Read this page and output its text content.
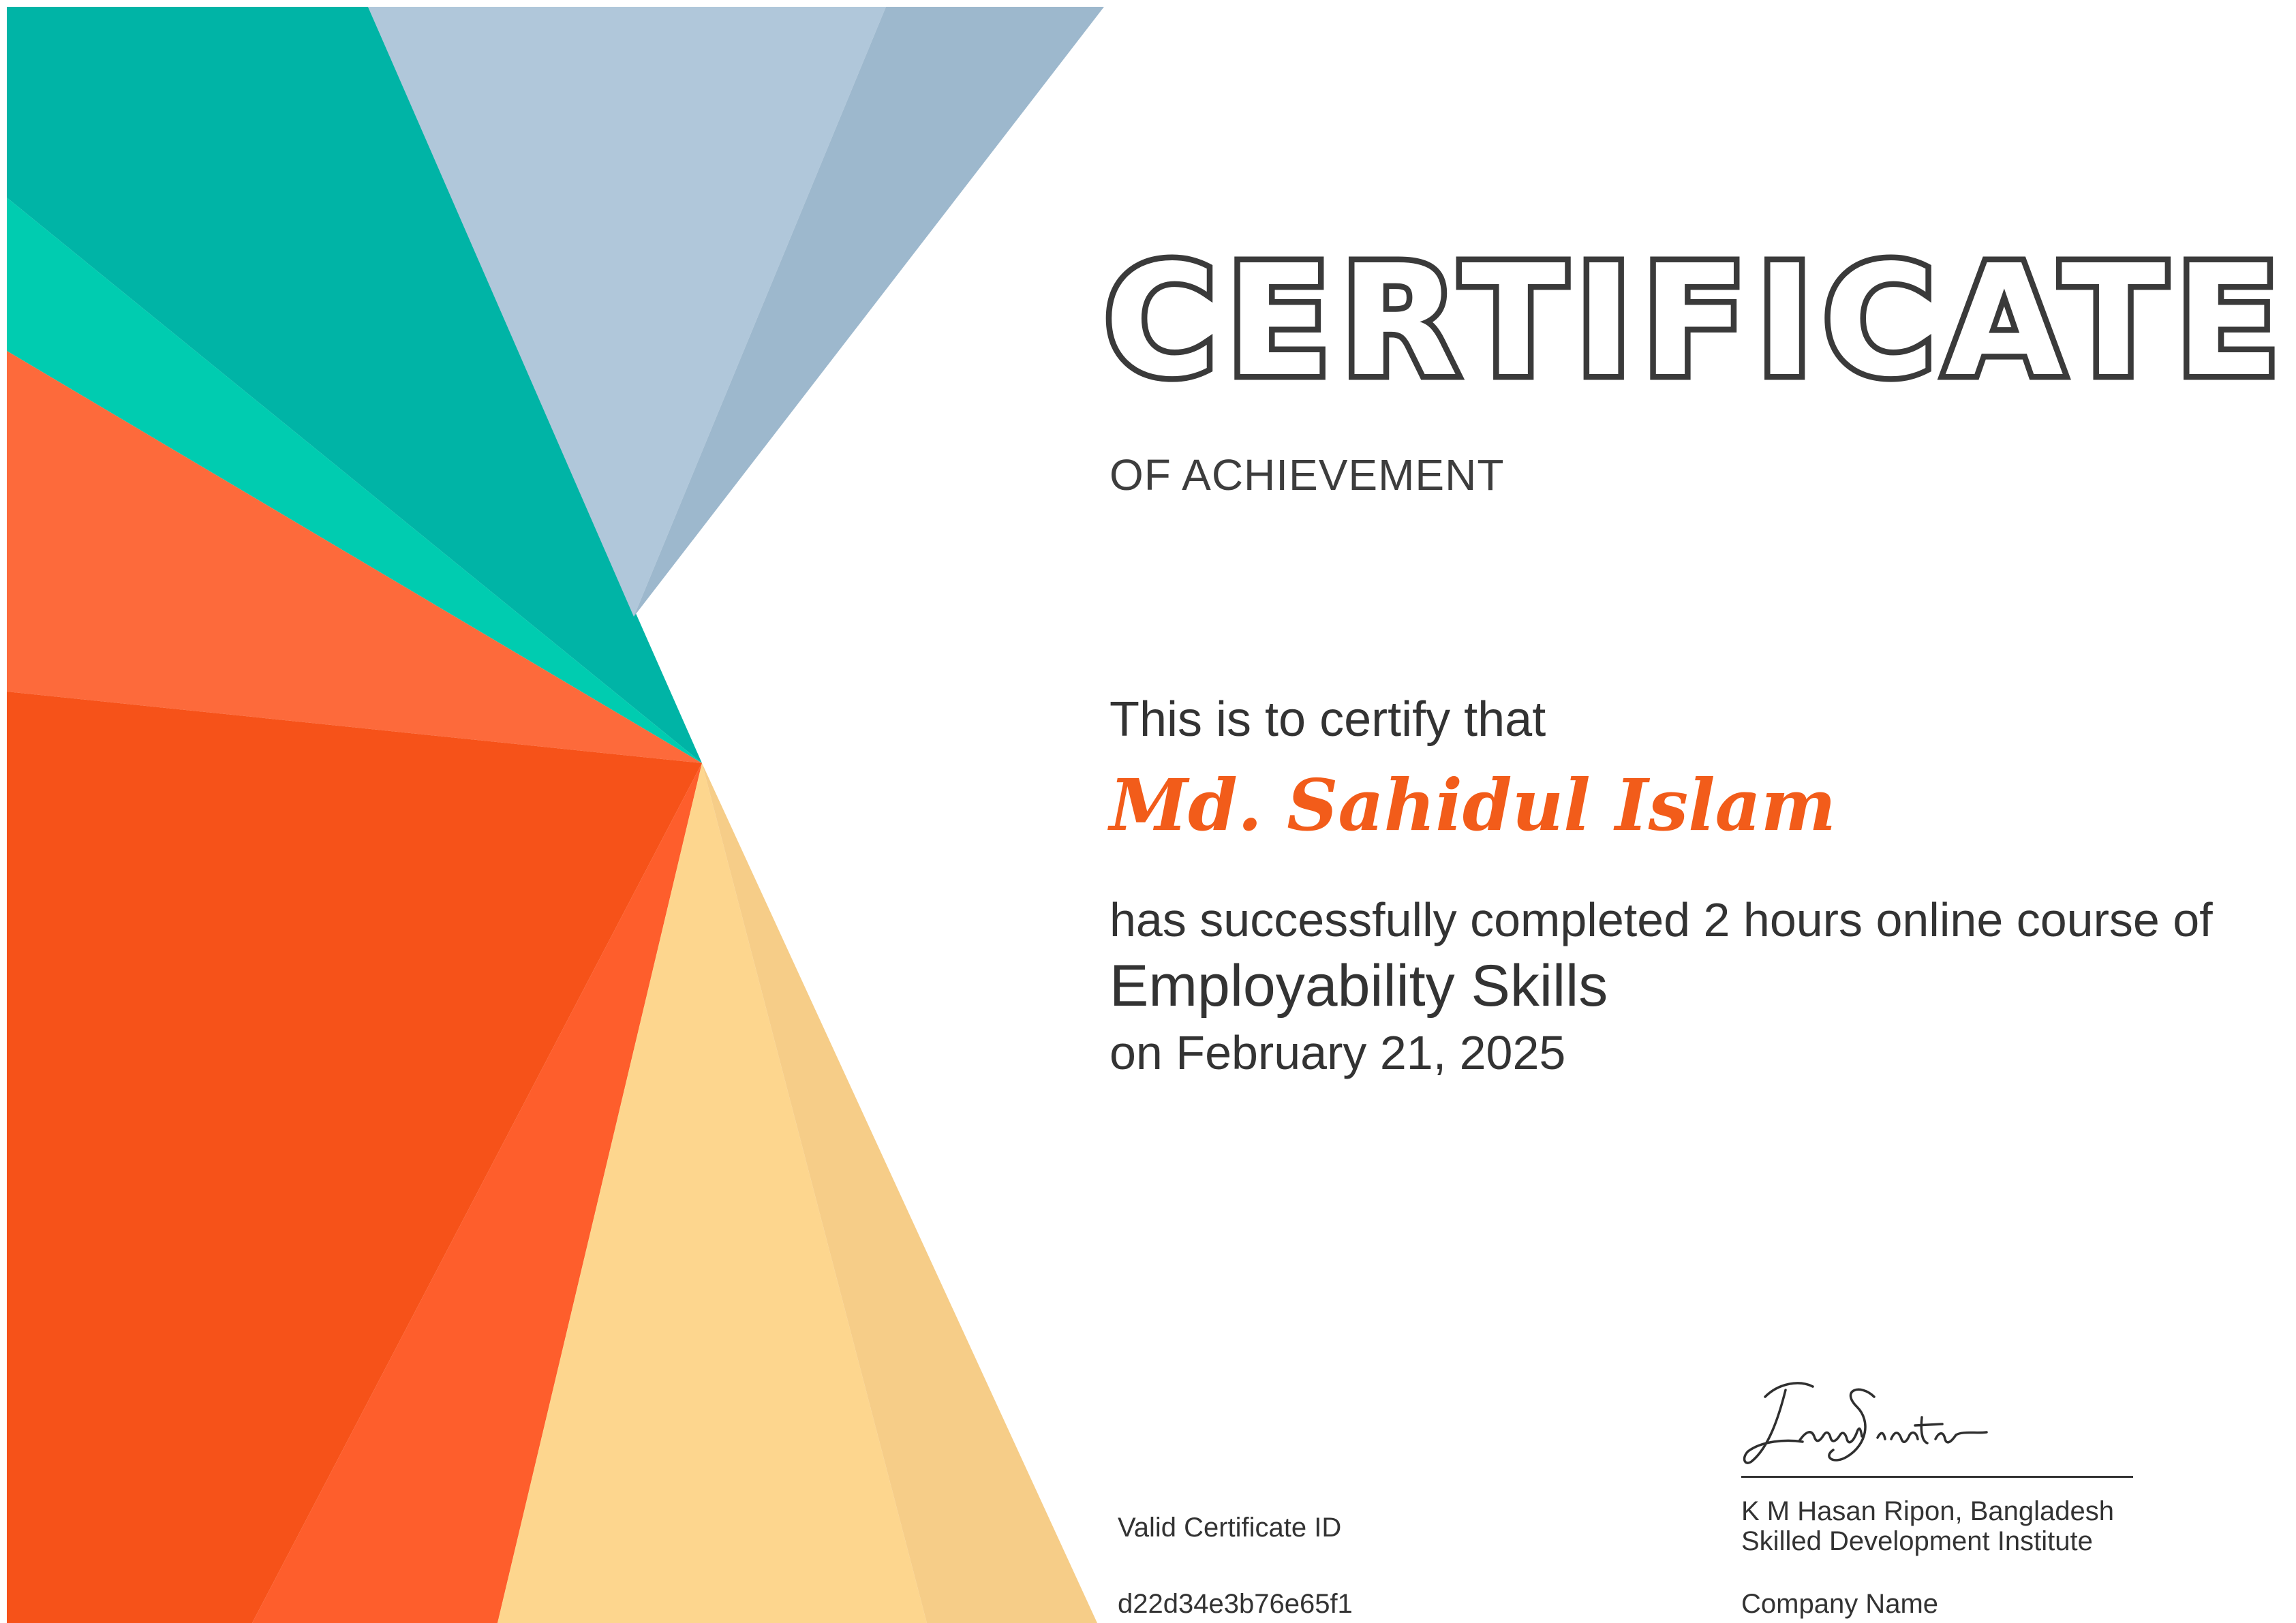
CERTIFICATE
OF ACHIEVEMENT
This is to certify that
Md. Sahidul Islam
has successfully completed 2 hours online course of
Employability Skills
on February 21, 2025
Valid Certificate ID
d22d34e3b76e65f1
K M Hasan Ripon, Bangladesh Skilled Development Institute
Company Name
